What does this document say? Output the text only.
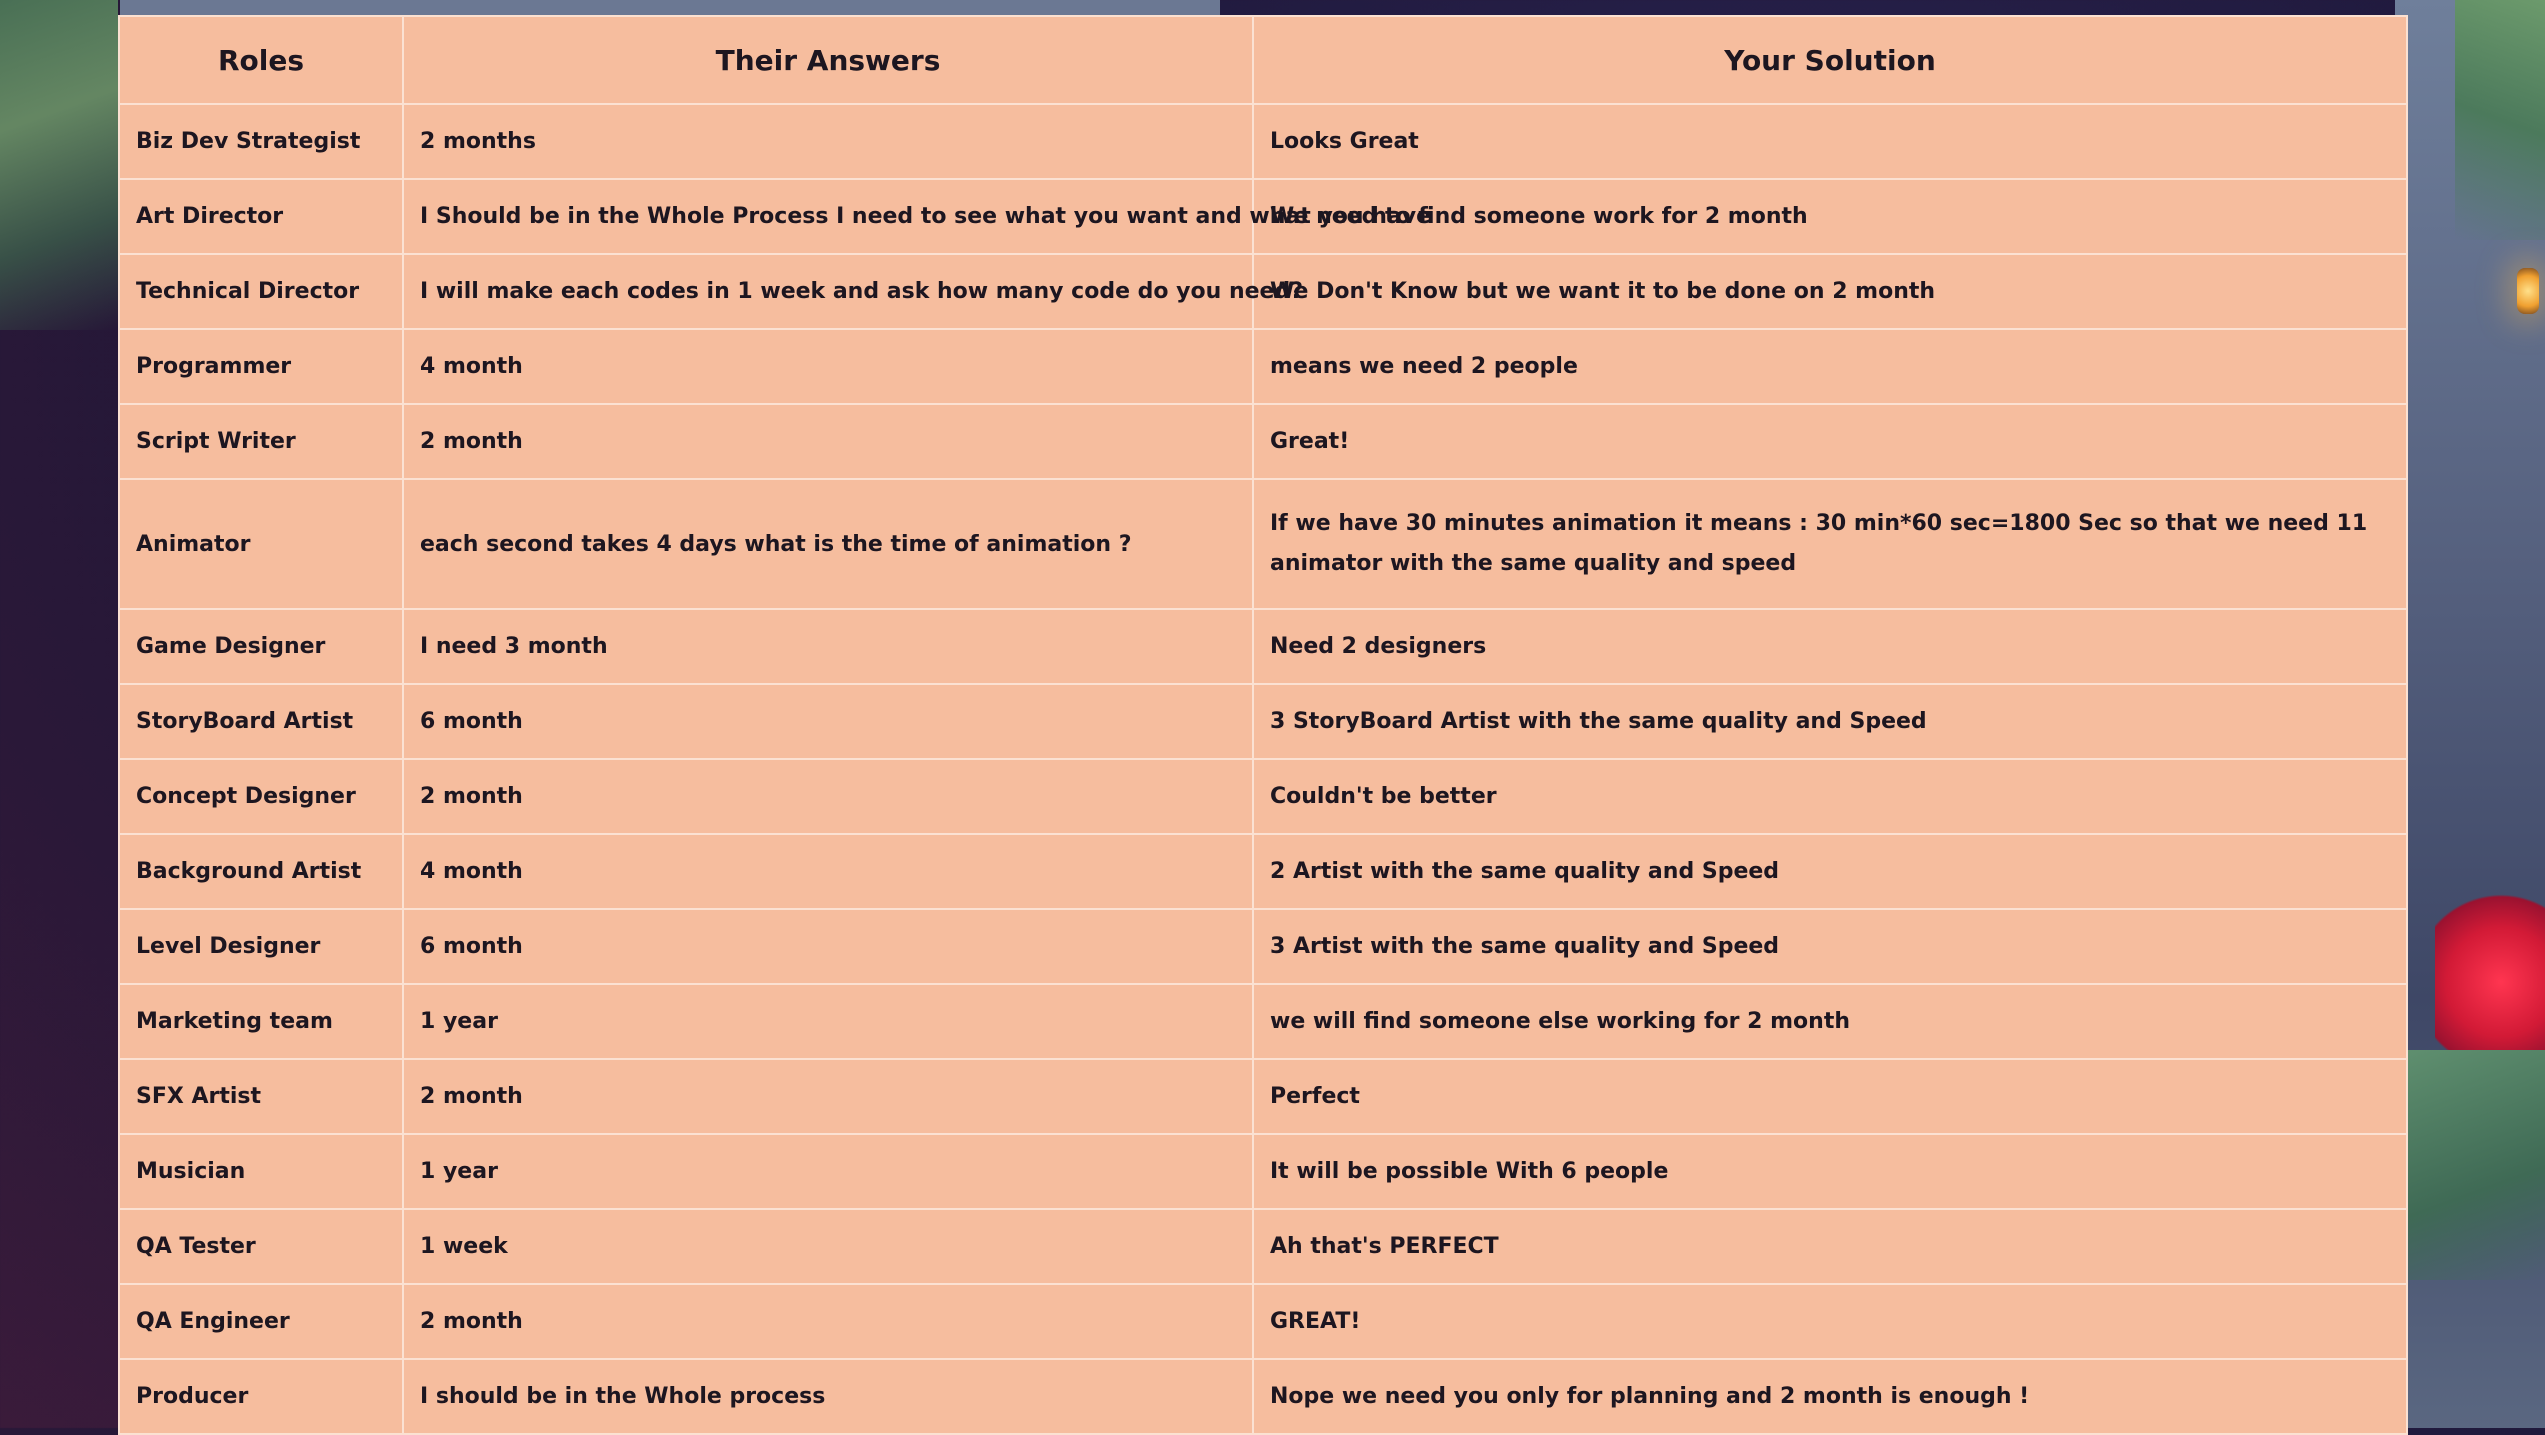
Roles	Their Answers	Your Solution
Biz Dev Strategist	2 months	Looks Great
Art Director	I Should be in the Whole Process I need to see what you want and what you have	We need to find someone work for 2 month
Technical Director	I will make each codes in 1 week and ask how many code do you need?	We Don't Know but we want it to be done on 2 month
Programmer	4 month	means we need 2 people
Script Writer	2 month	Great!
Animator	each second takes 4 days what is the time of animation ?	If we have 30 minutes animation it means : 30 min*60 sec=1800 Sec so that we need 11 animator with the same quality and speed
Game Designer	I need 3 month	Need 2 designers
StoryBoard Artist	6 month	3 StoryBoard Artist with the same quality and Speed
Concept Designer	2 month	Couldn't be better
Background Artist	4 month	2 Artist with the same quality and Speed
Level Designer	6 month	3 Artist with the same quality and Speed
Marketing team	1 year	we will find someone else working for 2 month
SFX Artist	2 month	Perfect
Musician	1 year	It will be possible With 6 people
QA Tester	1 week	Ah that's PERFECT
QA Engineer	2 month	GREAT!
Producer	I should be in the Whole process	Nope we need you only for planning and 2 month is enough !
